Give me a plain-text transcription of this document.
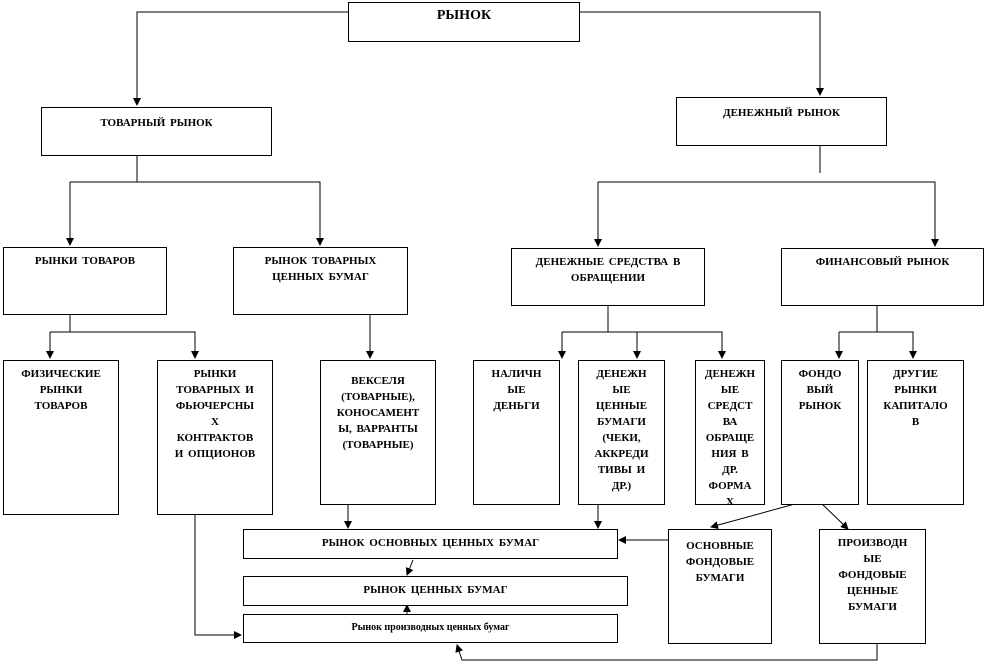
РЫНОК
ТОВАРНЫЙ РЫНОК
ДЕНЕЖНЫЙ РЫНОК
РЫНКИ ТОВАРОВ	РЫНОК ТОВАРНЫХ
ЦЕННЫХ БУМАГ
ДЕНЕЖНЫЕ СРЕДСТВА В
ОБРАЩЕНИИ
ФИНАНСОВЫЙ РЫНОК
ФИЗИЧЕСКИЕ
РЫНКИ
ТОВАРОВ
РЫНКИ
ТОВАРНЫХ И
ФЬЮЧЕРСНЫ
Х
КОНТРАКТОВ
И ОПЦИОНОВ
ВЕКСЕЛЯ
(ТОВАРНЫЕ),
КОНОСАМЕНТ
Ы, ВАРРАНТЫ
(ТОВАРНЫЕ)
НАЛИЧН
ЫЕ
ДЕНЬГИ
ДЕНЕЖН
ЫЕ
ЦЕННЫЕ
БУМАГИ
(ЧЕКИ,
АККРЕДИ
ТИВЫ И
ДР.)
ДЕНЕЖН
ЫЕ
СРЕДСТ
ВА
ОБРАЩЕ
НИЯ В
ДР.
ФОРМА
Х
ФОНДО
ВЫЙ
РЫНОК
ДРУГИЕ
РЫНКИ
КАПИТАЛО
В
РЫНОК ОСНОВНЫХ ЦЕННЫХ БУМАГ
РЫНОК ЦЕННЫХ БУМАГ
Рынок производных ценных бумаг
ОСНОВНЫЕ
ФОНДОВЫЕ
БУМАГИ
ПРОИЗВОДН
ЫЕ
ФОНДОВЫЕ
ЦЕННЫЕ
БУМАГИ
